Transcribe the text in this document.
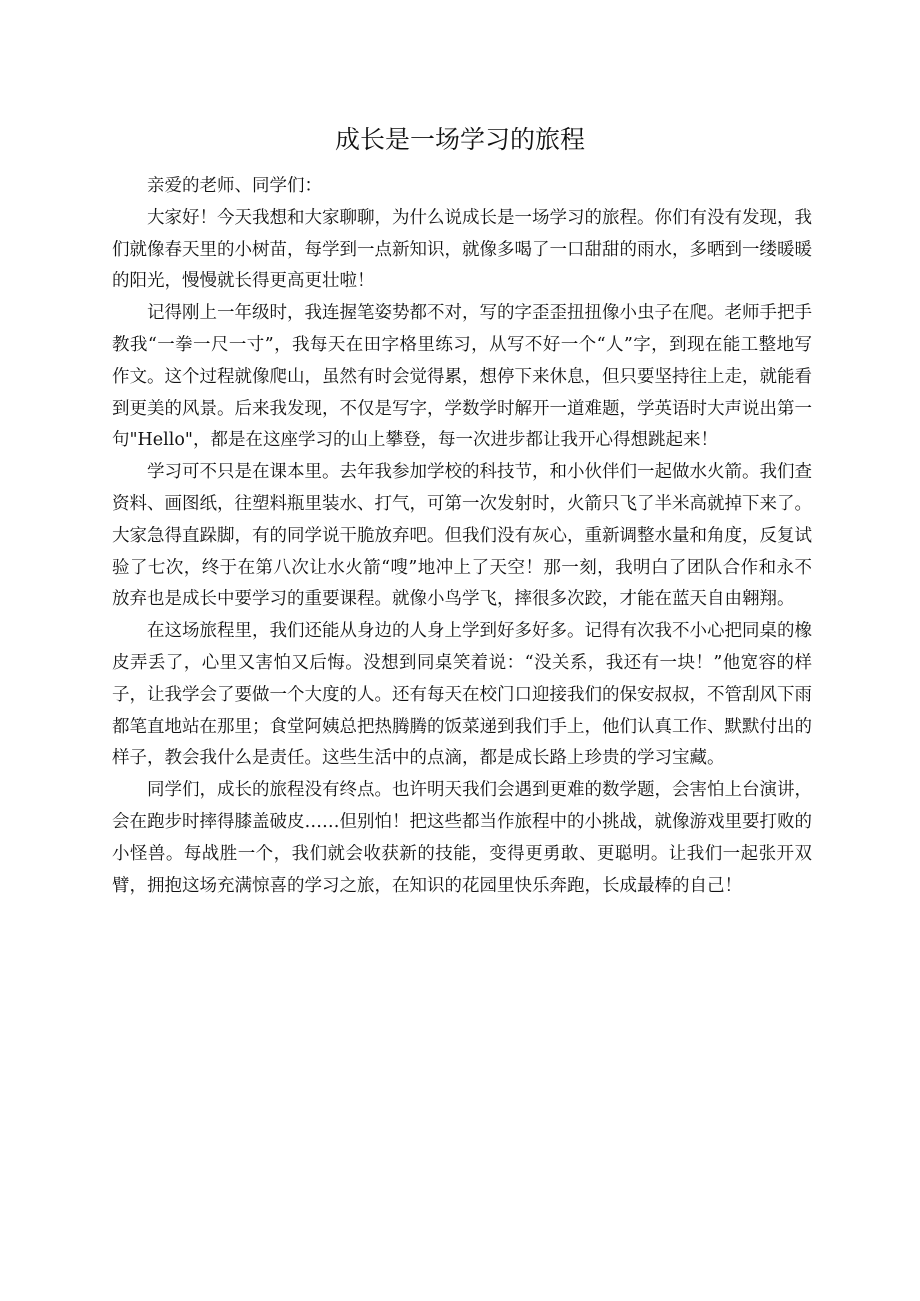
成长是一场学习的旅程

亲爱的老师、同学们：

大家好！今天我想和大家聊聊，为什么说成长是一场学习的旅程。你们有没有发现，我们就像春天里的小树苗，每学到一点新知识，就像多喝了一口甜甜的雨水，多晒到一缕暖暖的阳光，慢慢就长得更高更壮啦！

记得刚上一年级时，我连握笔姿势都不对，写的字歪歪扭扭像小虫子在爬。老师手把手教我“一拳一尺一寸”，我每天在田字格里练习，从写不好一个“人”字，到现在能工整地写作文。这个过程就像爬山，虽然有时会觉得累，想停下来休息，但只要坚持往上走，就能看到更美的风景。后来我发现，不仅是写字，学数学时解开一道难题，学英语时大声说出第一句"Hello"，都是在这座学习的山上攀登，每一次进步都让我开心得想跳起来！

学习可不只是在课本里。去年我参加学校的科技节，和小伙伴们一起做水火箭。我们查资料、画图纸，往塑料瓶里装水、打气，可第一次发射时，火箭只飞了半米高就掉下来了。大家急得直跺脚，有的同学说干脆放弃吧。但我们没有灰心，重新调整水量和角度，反复试验了七次，终于在第八次让水火箭“嗖”地冲上了天空！那一刻，我明白了团队合作和永不放弃也是成长中要学习的重要课程。就像小鸟学飞，摔很多次跤，才能在蓝天自由翱翔。

在这场旅程里，我们还能从身边的人身上学到好多好多。记得有次我不小心把同桌的橡皮弄丢了，心里又害怕又后悔。没想到同桌笑着说：“没关系，我还有一块！”他宽容的样子，让我学会了要做一个大度的人。还有每天在校门口迎接我们的保安叔叔，不管刮风下雨都笔直地站在那里；食堂阿姨总把热腾腾的饭菜递到我们手上，他们认真工作、默默付出的样子，教会我什么是责任。这些生活中的点滴，都是成长路上珍贵的学习宝藏。

同学们，成长的旅程没有终点。也许明天我们会遇到更难的数学题，会害怕上台演讲，会在跑步时摔得膝盖破皮……但别怕！把这些都当作旅程中的小挑战，就像游戏里要打败的小怪兽。每战胜一个，我们就会收获新的技能，变得更勇敢、更聪明。让我们一起张开双臂，拥抱这场充满惊喜的学习之旅，在知识的花园里快乐奔跑，长成最棒的自己！
